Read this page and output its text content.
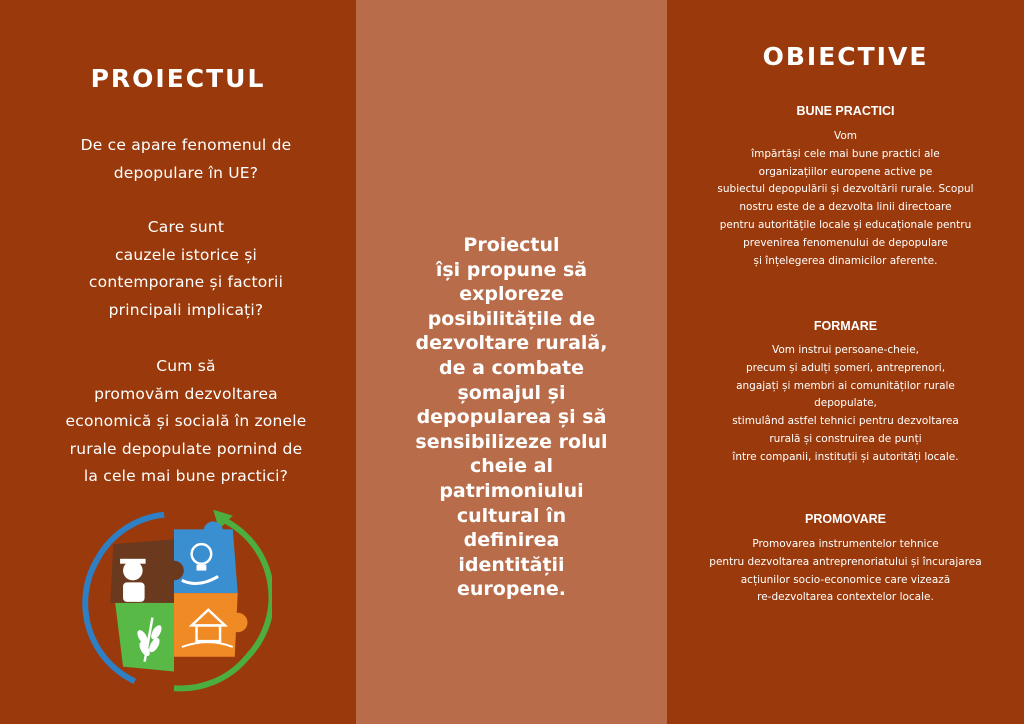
PROIECTUL

De ce apare fenomenul de

depopulare în UE?

Care sunt

cauzele istorice și

contemporane și factorii

principali implicați?

Cum să

promovăm dezvoltarea

economică și socială în zonele

rurale depopulate pornind de

la cele mai bune practici?

Proiectul

își propune să

exploreze

posibilitățile de

dezvoltare rurală,

de a combate

șomajul și

depopularea și să

sensibilizeze rolul

cheie al

patrimoniului

cultural în

definirea

identității

europene.

OBIECTIVE
BUNE PRACTICI

Vom

împărtăși cele mai bune practici ale

organizațiilor europene active pe

subiectul depopulării și dezvoltării rurale. Scopul

nostru este de a dezvolta linii directoare

pentru autoritățile locale și educaționale pentru

prevenirea fenomenului de depopulare

și înțelegerea dinamicilor aferente.

FORMARE

Vom instrui persoane-cheie,

precum și adulți șomeri, antreprenori,

angajați și membri ai comunităților rurale

depopulate,

stimulând astfel tehnici pentru dezvoltarea

rurală și construirea de punți

între companii, instituții și autorități locale.

PROMOVARE

Promovarea instrumentelor tehnice

pentru dezvoltarea antreprenoriatului și încurajarea

acțiunilor socio-economice care vizează

re-dezvoltarea contextelor locale.
